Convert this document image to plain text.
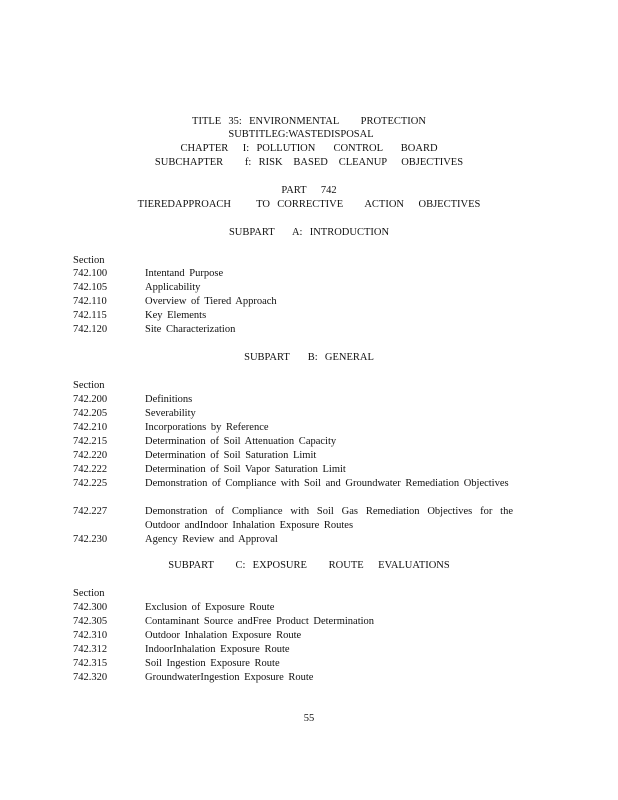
TITLE  35:  ENVIRONMENTAL      PROTECTION
SUBTITLEG:WASTEDISPOSAL
CHAPTER    I:  POLLUTION     CONTROL     BOARD
SUBCHAPTER      f:  RISK   BASED   CLEANUP    OBJECTIVES
PART    742
TIEREDAPPROACH       TO  CORRECTIVE      ACTION    OBJECTIVES
SUBPART     A:  INTRODUCTION
Section
742.100	Intentand Purpose
742.105	Applicability
742.110	Overview of Tiered Approach
742.115	Key Elements
742.120	Site Characterization
SUBPART     B:  GENERAL
Section
742.200	Definitions
742.205	Severability
742.210	Incorporations by Reference
742.215	Determination of Soil Attenuation Capacity
742.220	Determination of Soil Saturation Limit
742.222	Determination of Soil Vapor Saturation Limit
742.225	Demonstration of Compliance with Soil and Groundwater Remediation Objectives
742.227	Demonstration of Compliance with Soil Gas Remediation Objectives for the Outdoor andIndoor Inhalation Exposure Routes
742.230	Agency Review and Approval
SUBPART      C:  EXPOSURE      ROUTE    EVALUATIONS
Section
742.300	Exclusion of Exposure Route
742.305	Contaminant Source andFree Product Determination
742.310	Outdoor Inhalation Exposure Route
742.312	IndoorInhalation Exposure Route
742.315	Soil Ingestion Exposure Route
742.320	GroundwaterIngestion Exposure Route
55
